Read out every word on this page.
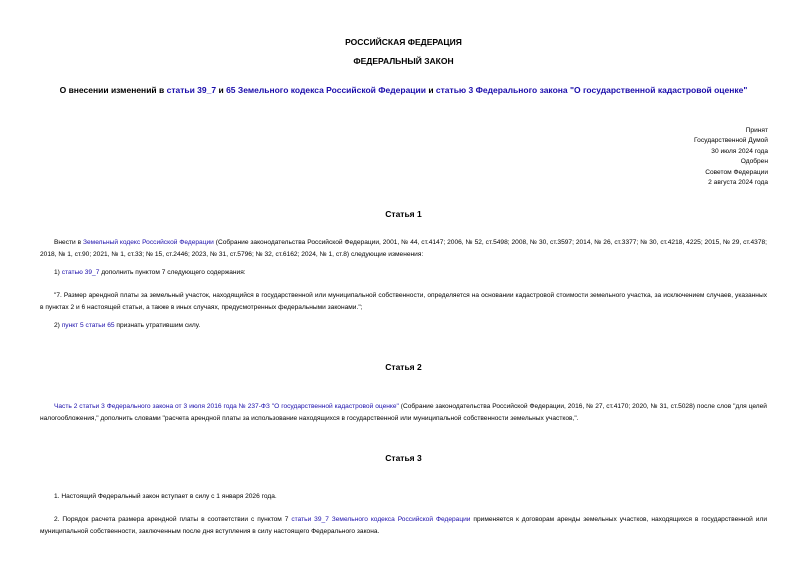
РОССИЙСКАЯ ФЕДЕРАЦИЯ
ФЕДЕРАЛЬНЫЙ ЗАКОН
О внесении изменений в статьи 39_7 и 65 Земельного кодекса Российской Федерации и статью 3 Федерального закона "О государственной кадастровой оценке"
Принят
Государственной Думой
30 июля 2024 года
Одобрен
Советом Федерации
2 августа 2024 года
Статья 1
Внести в Земельный кодекс Российской Федерации (Собрание законодательства Российской Федерации, 2001, № 44, ст.4147; 2006, № 52, ст.5498; 2008, № 30, ст.3597; 2014, № 26, ст.3377; № 30, ст.4218, 4225; 2015, № 29, ст.4378; 2018, № 1, ст.90; 2021, № 1, ст.33; № 15, ст.2446; 2023, № 31, ст.5796; № 32, ст.6162; 2024, № 1, ст.8) следующие изменения:
1) статью 39_7 дополнить пунктом 7 следующего содержания:
"7. Размер арендной платы за земельный участок, находящийся в государственной или муниципальной собственности, определяется на основании кадастровой стоимости земельного участка, за исключением случаев, указанных в пунктах 2 и 6 настоящей статьи, а также в иных случаях, предусмотренных федеральными законами.";
2) пункт 5 статьи 65 признать утратившим силу.
Статья 2
Часть 2 статьи 3 Федерального закона от 3 июля 2016 года № 237-ФЗ "О государственной кадастровой оценке" (Собрание законодательства Российской Федерации, 2016, № 27, ст.4170; 2020, № 31, ст.5028) после слов "для целей налогообложения," дополнить словами "расчета арендной платы за использование находящихся в государственной или муниципальной собственности земельных участков,".
Статья 3
1. Настоящий Федеральный закон вступает в силу с 1 января 2026 года.
2. Порядок расчета размера арендной платы в соответствии с пунктом 7 статьи 39_7 Земельного кодекса Российской Федерации применяется к договорам аренды земельных участков, находящихся в государственной или муниципальной собственности, заключенным после дня вступления в силу настоящего Федерального закона.
